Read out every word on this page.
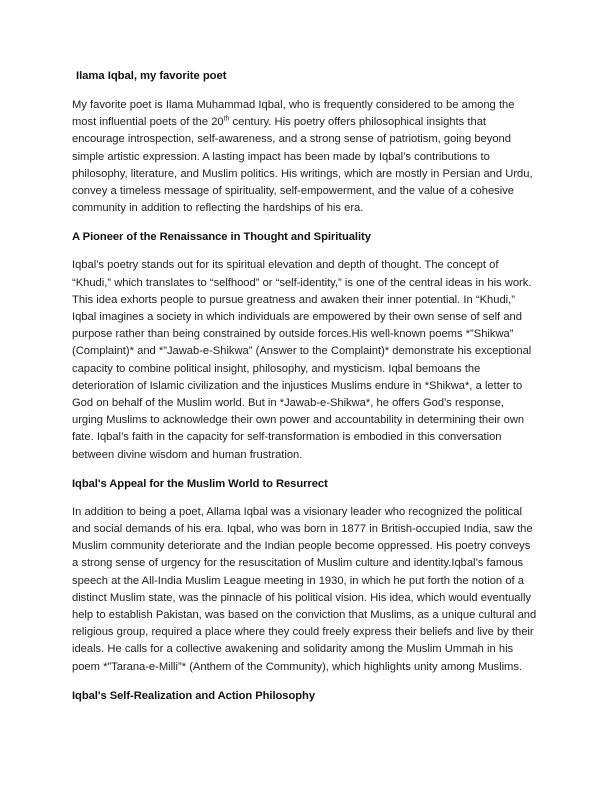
Ilama Iqbal, my favorite poet

My favorite poet is Ilama Muhammad Iqbal, who is frequently considered to be among the most influential poets of the 20th century. His poetry offers philosophical insights that encourage introspection, self-awareness, and a strong sense of patriotism, going beyond simple artistic expression. A lasting impact has been made by Iqbal’s contributions to philosophy, literature, and Muslim politics. His writings, which are mostly in Persian and Urdu, convey a timeless message of spirituality, self-empowerment, and the value of a cohesive community in addition to reflecting the hardships of his era.

A Pioneer of the Renaissance in Thought and Spirituality

Iqbal’s poetry stands out for its spiritual elevation and depth of thought. The concept of “Khudi,” which translates to “selfhood” or “self-identity,” is one of the central ideas in his work. This idea exhorts people to pursue greatness and awaken their inner potential. In “Khudi,” Iqbal imagines a society in which individuals are empowered by their own sense of self and purpose rather than being constrained by outside forces.His well-known poems *”Shikwa” (Complaint)* and *”Jawab-e-Shikwa” (Answer to the Complaint)* demonstrate his exceptional capacity to combine political insight, philosophy, and mysticism. Iqbal bemoans the deterioration of Islamic civilization and the injustices Muslims endure in *Shikwa*, a letter to God on behalf of the Muslim world. But in *Jawab-e-Shikwa*, he offers God’s response, urging Muslims to acknowledge their own power and accountability in determining their own fate. Iqbal’s faith in the capacity for self-transformation is embodied in this conversation between divine wisdom and human frustration.

Iqbal's Appeal for the Muslim World to Resurrect

In addition to being a poet, Allama Iqbal was a visionary leader who recognized the political and social demands of his era. Iqbal, who was born in 1877 in British-occupied India, saw the Muslim community deteriorate and the Indian people become oppressed. His poetry conveys a strong sense of urgency for the resuscitation of Muslim culture and identity.Iqbal’s famous speech at the All-India Muslim League meeting in 1930, in which he put forth the notion of a distinct Muslim state, was the pinnacle of his political vision. His idea, which would eventually help to establish Pakistan, was based on the conviction that Muslims, as a unique cultural and religious group, required a place where they could freely express their beliefs and live by their ideals. He calls for a collective awakening and solidarity among the Muslim Ummah in his poem *”Tarana-e-Milli”* (Anthem of the Community), which highlights unity among Muslims.

Iqbal's Self-Realization and Action Philosophy
